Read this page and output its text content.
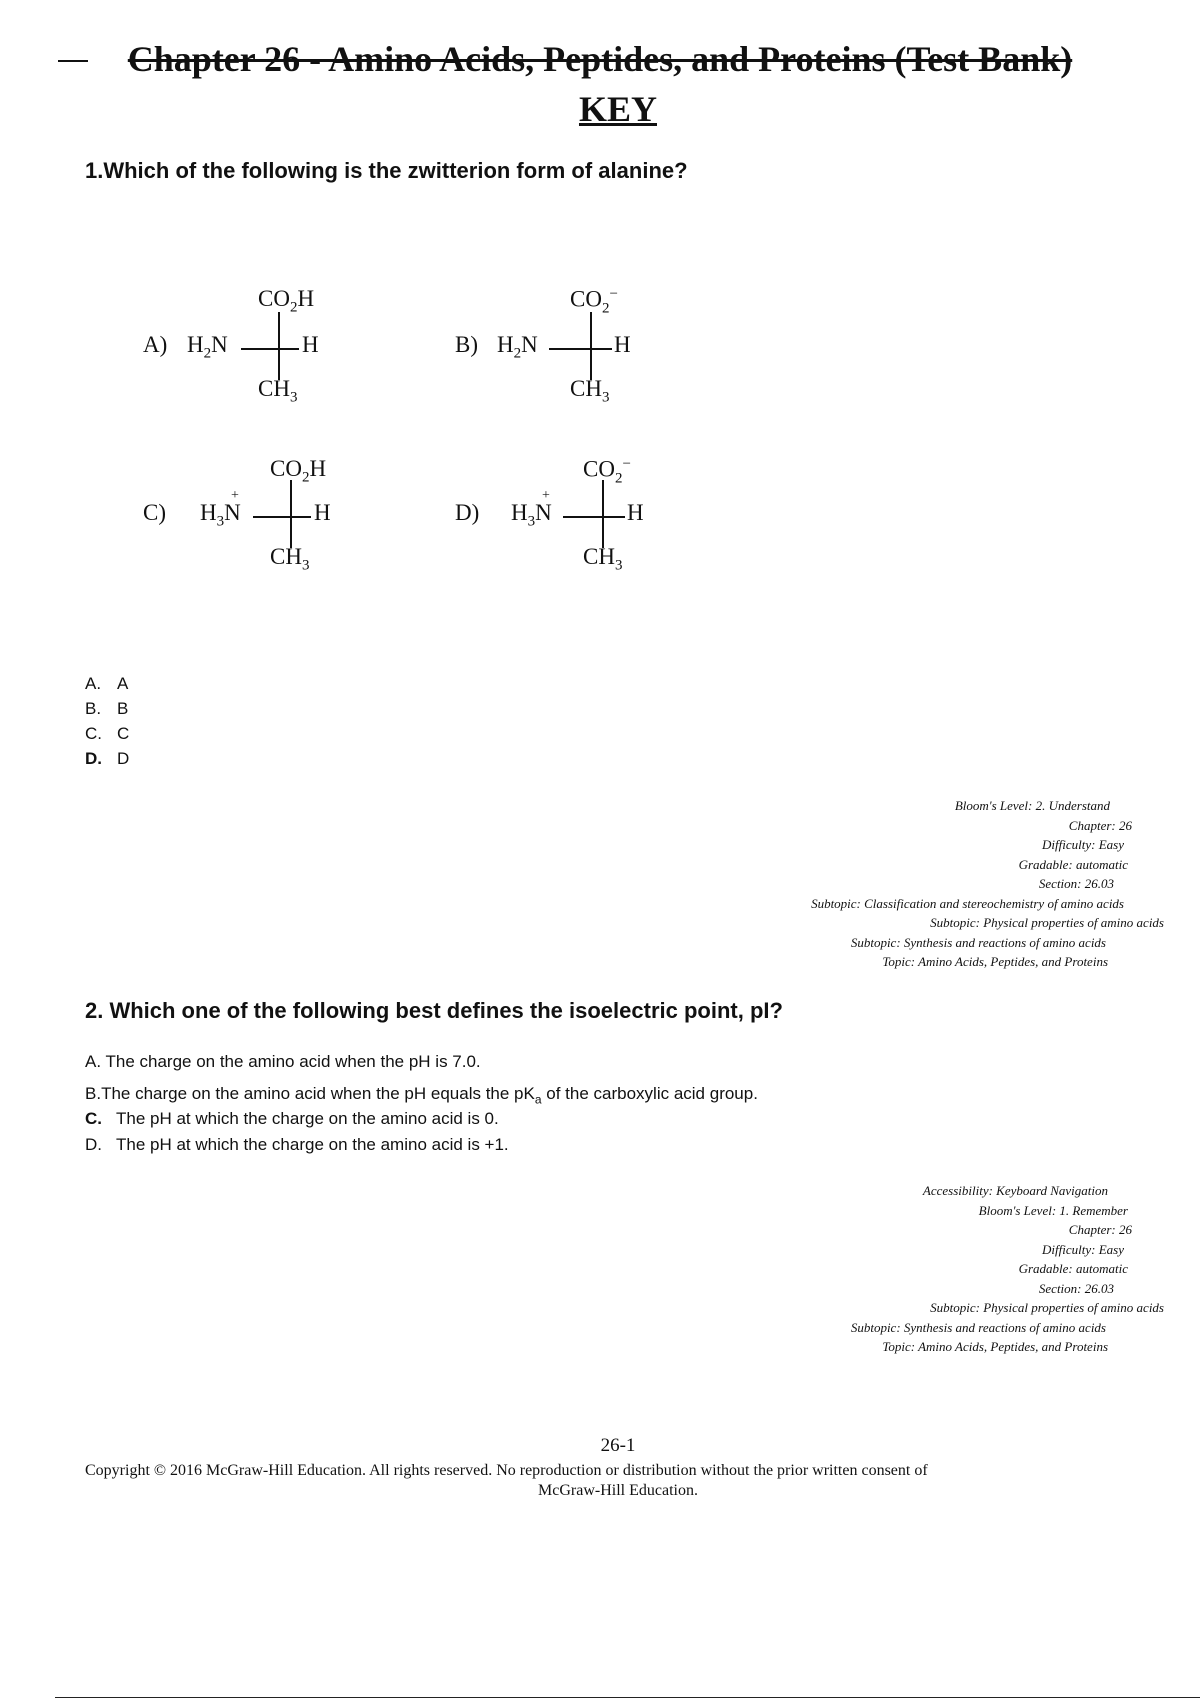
Chapter 26 - Amino Acids, Peptides, and Proteins (Test Bank)
KEY
1.Which of the following is the zwitterion form of alanine?
A) $H_2N$	H
$CO_2H$
$CH_3$
B) $H_2N$	H
$CO_2^-$
$CH_3$
C) $H_3N$
+
H
$CO_2H$
$CH_3$
D) $H_3N$
+
H
$CO_2^-$
$CH_3$
A. A
B. B
C. C
D. D
Bloom's Level: 2. Understand
Chapter: 26
Difficulty: Easy
Gradable: automatic
Section: 26.03
Subtopic: Classification and stereochemistry of amino acids
Subtopic: Physical properties of amino acids
Subtopic: Synthesis and reactions of amino acids
Topic: Amino Acids, Peptides, and Proteins
2. Which one of the following best defines the isoelectric point, pI?
A. The charge on the amino acid when the pH is 7.0.
B.The charge on the amino acid when the pH equals the $pK_a$ of the carboxylic acid group.
C. The pH at which the charge on the amino acid is 0.
D. The pH at which the charge on the amino acid is +1.
Accessibility: Keyboard Navigation
Bloom's Level: 1. Remember
Chapter: 26
Difficulty: Easy
Gradable: automatic
Section: 26.03
Subtopic: Physical properties of amino acids
Subtopic: Synthesis and reactions of amino acids
Topic: Amino Acids, Peptides, and Proteins
26-1
Copyright © 2016 McGraw-Hill Education. All rights reserved. No reproduction or distribution without the prior written consent of
McGraw-Hill Education.
